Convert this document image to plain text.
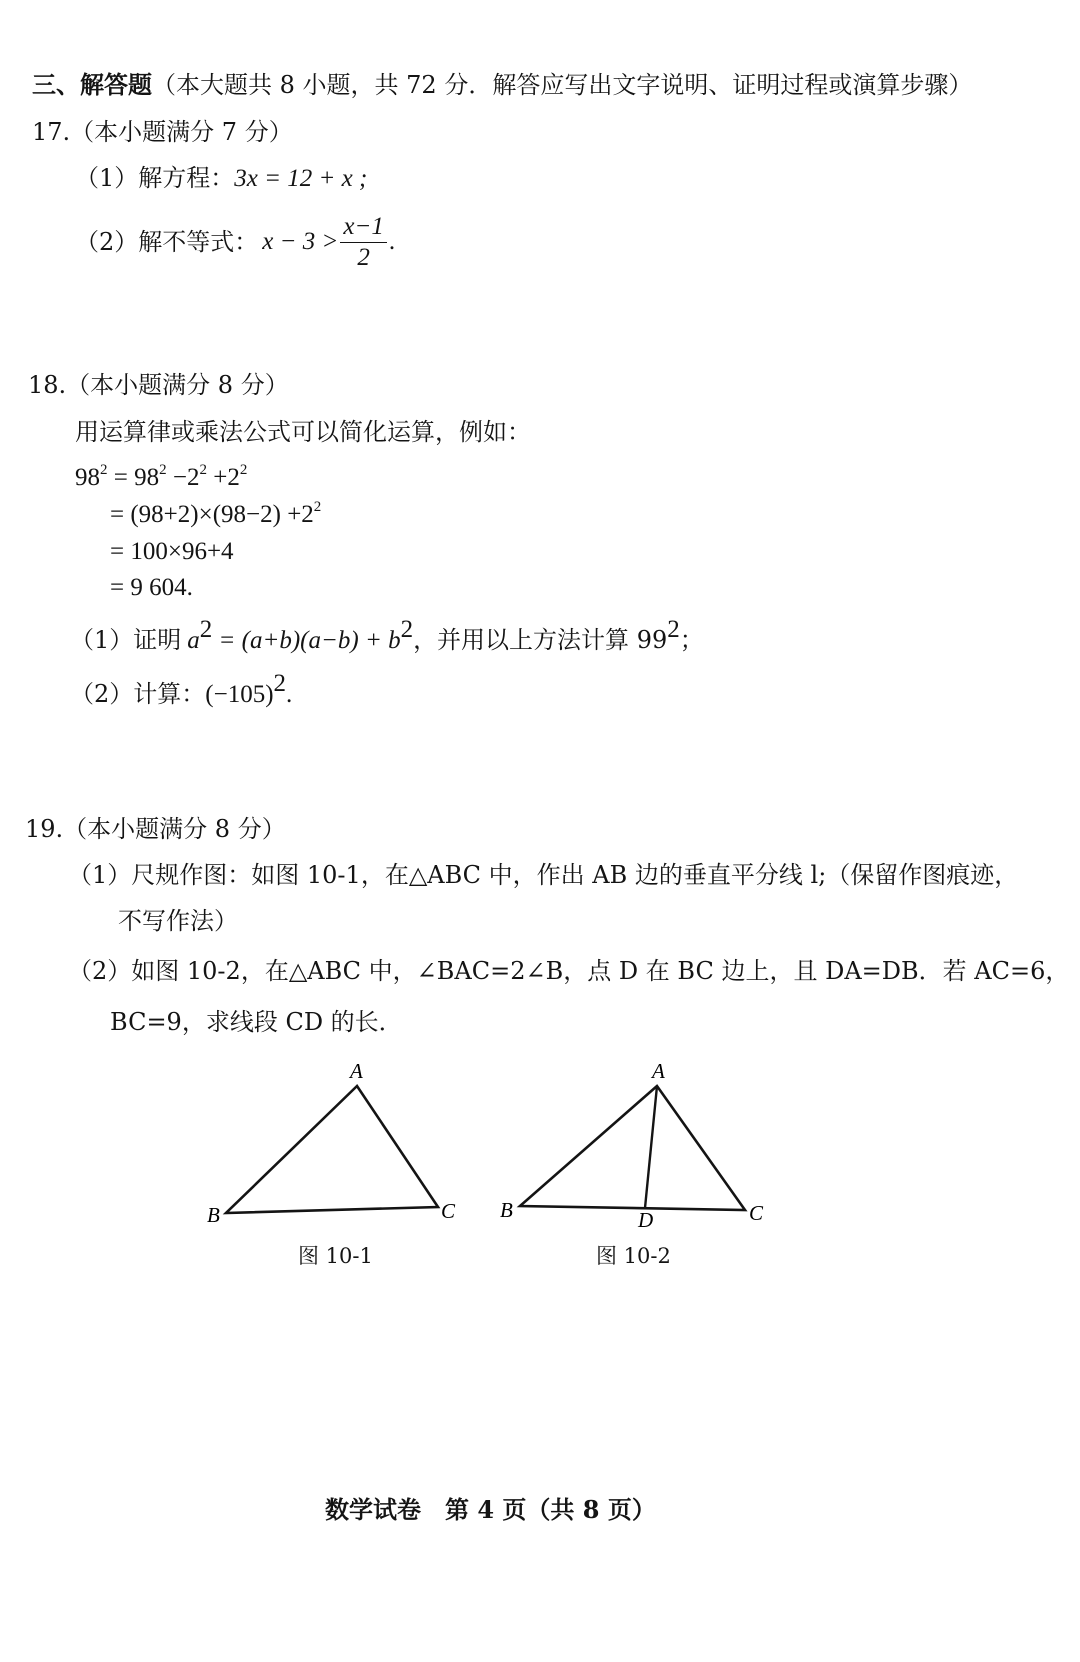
三、解答题（本大题共 8 小题，共 72 分．解答应写出文字说明、证明过程或演算步骤）
17.（本小题满分 7 分）
（1）解方程：3x = 12 + x ;
（2）解不等式： $x - 3 > \frac{x-1}{2}$ .
18.（本小题满分 8 分）
用运算律或乘法公式可以简化运算，例如：
$98^2 = 98^2 -2^2 +2^2$
= $(98+2)\times(98-2) +2^2$
= 100×96+4
= 9 604.
（1）证明 $a^2 = (a+b)(a-b) + b^2$，并用以上方法计算 $99^2$；
（2）计算：$(-105)^2$.
19.（本小题满分 8 分）
（1）尺规作图：如图 10-1，在△ABC 中，作出 AB 边的垂直平分线 l;（保留作图痕迹，
不写作法）
（2）如图 10-2，在△ABC 中，∠BAC=2∠B，点 D 在 BC 边上，且 DA=DB．若 AC=6，
BC=9，求线段 CD 的长．
A
B	C
A
B	C
D
图 10-1	图 10-2
数学试卷　第 4 页（共 8 页）
